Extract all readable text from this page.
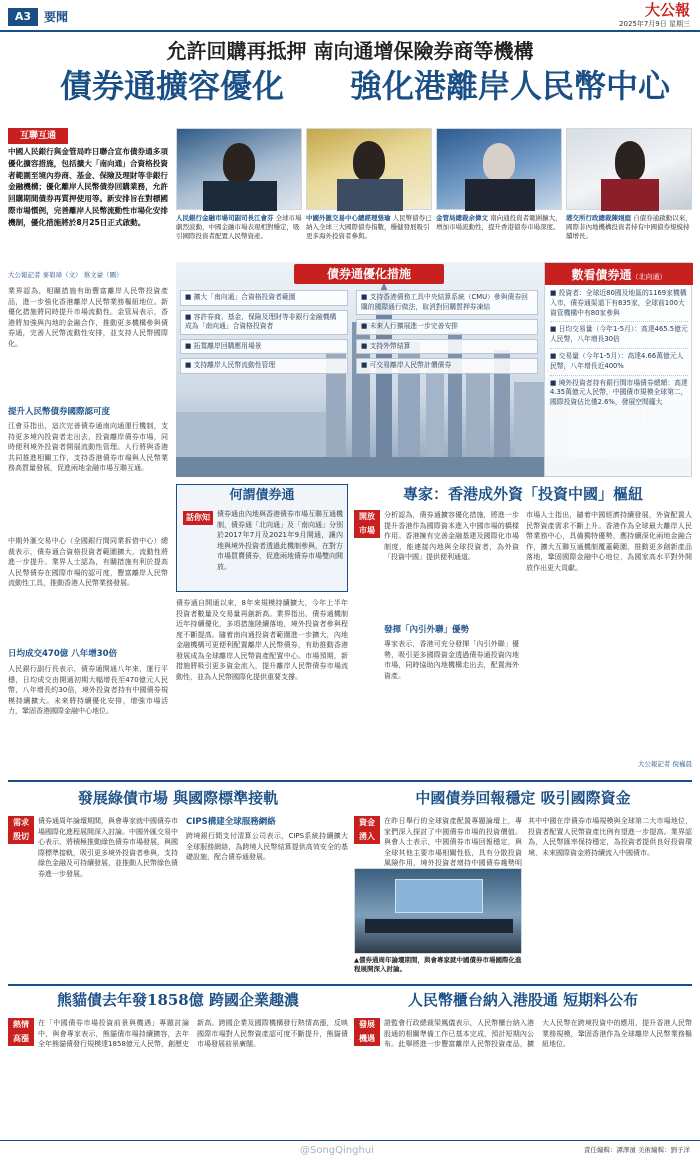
A3	要聞	大公報
2025年7月9日 星期三
允許回購再抵押 南向通增保險券商等機構
債券通擴容優化	強化港離岸人民幣中心
互聯互通
中國人民銀行與金管局昨日聯合宣布債券通多項優化擴容措施，包括擴大「南向通」合資格投資者範圍至境內券商、基金、保險及理財等非銀行金融機構；優化離岸人民幣債券回購業務，允許回購期間債券再質押使用等。新安排旨在對標國際市場慣例，完善離岸人民幣流動性市場化安排機制，優化措施將於8月25日正式啟動。
大公報記者 麥碧瑋（文） 蔡文豪（圖）
業界認為，相關措施有助豐富離岸人民幣投資產品，進一步強化香港離岸人民幣業務樞紐地位。新優化措施將同時提升市場流動性。金管局表示，香港將加強與內地的金融合作，推動更多機構參與債券通，完善人民幣流動性安排，並支持人民幣國際化。
提升人民幣債券國際認可度
江會芬指出，這次完善債券通南向通運行機制，支持更多境內投資者走出去，投資離岸債券市場，同時便利境外投資者開展流動性管理。人行將與香港共同推進相關工作，支持香港債券市場與人民幣業務高質量發展，促進兩地金融市場互聯互通。
中期外滙交易中心（全國銀行間同業拆借中心）總裁表示，債券通合資格投資者範圍擴大，流動性將進一步提升。業界人士認為，有關措施有利於提高人民幣債券在國際市場的認可度，豐富離岸人民幣流動性工具，推動香港人民幣業務發展。
日均成交470億 八年增30倍
人民銀行副行長表示，債券通開通八年來，運行平穩，日均成交由開通初期大幅增長至470億元人民幣，八年增長約30倍，境外投資者持有中國債券規模持續擴大。未來將持續優化安排，增強市場活力，鞏固香港國際金融中心地位。
人民銀行金融市場司副司長江會芬 全球市場劇烈波動，中國金融市場表現相對穩定，吸引國際投資者配置人民幣資產。
中國外匯交易中心總經理張瑜 人民幣債券已納入全球三大國際債券指數，穩健發展吸引更多海外投資者參與。
金管局總裁余偉文 南向通投資者範圍擴大，增加市場流動性，提升香港債券市場深度。
港交所行政總裁陳翊庭 自債券通啟動以來，國際非內地機構投資者持有中國債券規模持續增長。
債券通優化措施
■ 擴大「南向通」合資格投資者範圍
■ 容許券商、基金、保險及理財等非銀行金融機構成為「南向通」合資格投資者
■ 拓寬離岸回購應用場景
■ 支持離岸人民幣流動性管理
■ 支持香港債務工具中央結算系統（CMU）參與債券回購的國際通行做法，取消對回購質押券凍結
■ 未來人行擴展進一步完善安排
■ 支持外幣結算
■ 可交易離岸人民幣計價債券
數看債券通（北向通）
■ 投資者：全球近80國及地區的1169家機構入市，債券通渠道下有835家，全球前100大資管機構中有80家參與
■ 日均交易量（今年1-5月）：高達465.5億元人民幣，八年增長30倍
■ 交易量（今年1-5月）：高達4.66萬億元人民幣，八年增長近400%
■ 境外投資者持有銀行間市場債券總額：高達4.35萬億元人民幣，中國債市規模全球第二，國際投資佔比僅2.6%，發展空間龐大
何謂債券通
話你知	債券通由內地與香港債券市場互聯互通機制，債券通「北向通」及「南向通」分別於2017年7月及2021年9月開通，讓內地與境外投資者透過此機制參與，在對方市場買賣債券，促進兩地債券市場雙向開放。
債券通自開通以來，8年來規模持續擴大，今年上半年投資者數量及交易量再創新高。業界指出，債券通機制近年持續優化，多項措施陸續落地，境外投資者參與程度不斷提高。隨着南向通投資者範圍進一步擴大，內地金融機構可更便利配置離岸人民幣債券，有助推動香港發展成為全球離岸人民幣資產配置中心。市場預期，新措施將吸引更多資金流入，提升離岸人民幣債券市場流動性，並為人民幣國際化提供重要支撐。
專家：香港成外資「投資中國」樞紐
開放
市場
分析認為，債券通擴容優化措施，將進一步提升香港作為國際資本進入中國市場的橋樑作用。香港擁有完善金融基建及國際化市場制度，能連接內地與全球投資者，為外資「投資中國」提供便利通道。
發揮「內引外聯」優勢
專家表示，香港可充分發揮「內引外聯」優勢，吸引更多國際資金透過債券通投資內地市場，同時協助內地機構走出去，配置海外資產。
市場人士指出，隨着中國經濟持續發展，外資配置人民幣資產需求不斷上升。香港作為全球最大離岸人民幣業務中心，具備獨特優勢，應持續深化兩地金融合作，擴大互聯互通機制覆蓋範圍，推動更多創新產品落地，鞏固國際金融中心地位，為國家高水平對外開放作出更大貢獻。
大公報記者 倪巍晨
發展綠債市場 與國際標準接軌
需求
殷切
債券通周年論壇期間，與會專家就中國債券市場國際化進程展開深入討論。中國外匯交易中心表示，將積極推動綠色債券市場發展，與國際標準接軌，吸引更多境外投資者參與，支持綠色金融及可持續發展，並推動人民幣綠色債券進一步發展。
CIPS構建全球服務網絡
跨境銀行間支付清算公司表示，CIPS系統持續擴大全球服務網絡，為跨境人民幣結算提供高效安全的基礎設施，配合債券通發展。
中國債券回報穩定 吸引國際資金
資金
湧入
在昨日舉行的全球資產配置專題論壇上，專家們深入探討了中國債券市場的投資價值。與會人士表示，中國債券市場回報穩定，與全球其他主要市場相關性低，具有分散投資風險作用，境外投資者增持中國債券趨勢明
▲債券通周年論壇期間，與會專家就中國債券市場國際化進程展開深入討論。
其中中國在岸債券市場規模與全球第二大市場地位，投資者配置人民幣資產比例有望進一步提高。業界認為，人民幣匯率保持穩定，為投資者提供良好投資環境，未來國際資金將持續流入中國債市。
熊貓債去年發1858億 跨國企業趣濃
熱情
高漲
在「中國債券市場投資前景與機遇」專題討論中，與會專家表示，熊貓債市場持續擴容，去年全年熊貓債發行規模達1858億元人民幣，創歷史新高。跨國企業及國際機構發行熱情高漲，反映國際市場對人民幣資產認可度不斷提升，熊貓債市場發展前景廣闊。
人民幣櫃台納入港股通 短期料公布
發展
機遇
證監會行政總裁梁鳳儀表示，人民幣櫃台納入港股通的相關準備工作已基本完成，預計短期內公布。此舉將進一步豐富離岸人民幣投資產品，擴大人民幣在跨境投資中的應用，提升香港人民幣業務規模，鞏固香港作為全球離岸人民幣業務樞紐地位。
@SongQinghui	責任編輯：譚澤濱 美術編輯：劉子洋
